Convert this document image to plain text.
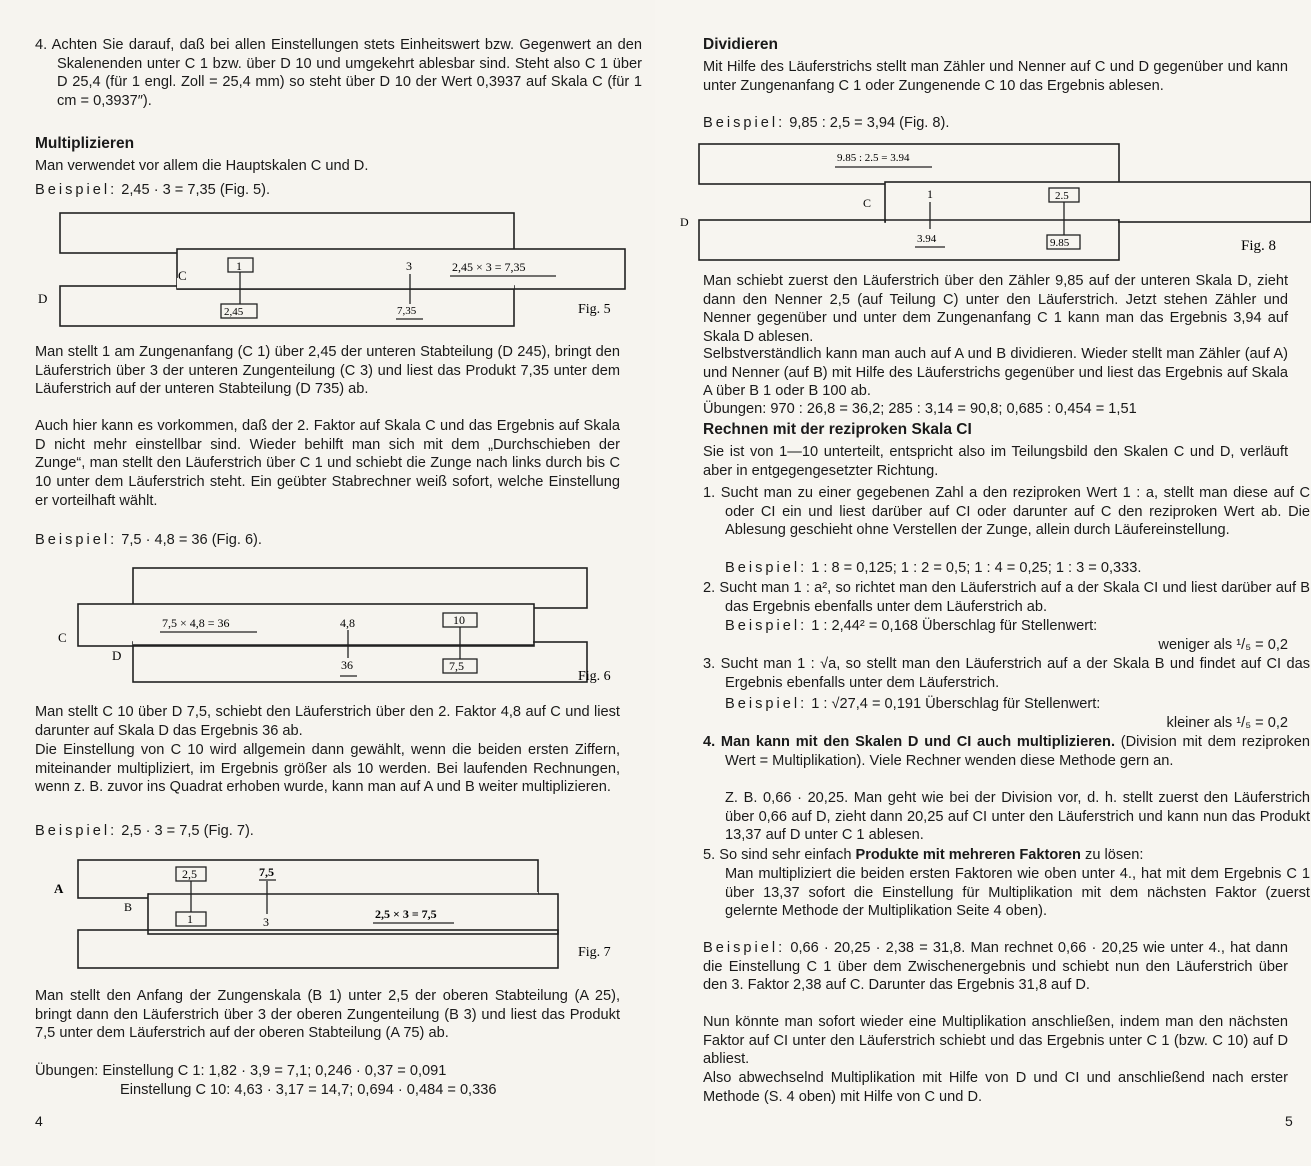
4. Achten Sie darauf, daß bei allen Einstellungen stets Einheitswert bzw. Gegenwert an den Skalenenden unter C 1 bzw. über D 10 und umgekehrt ablesbar sind. Steht also C 1 über D 25,4 (für 1 engl. Zoll = 25,4 mm) so steht über D 10 der Wert 0,3937 auf Skala C (für 1 cm = 0,3937″).
Multiplizieren
Man verwendet vor allem die Hauptskalen C und D.
Beispiel: 2,45 · 3 = 7,35 (Fig. 5).
C
D
1	3	2,45 × 3 = 7,35
2,45	7,35	Fig. 5
Man stellt 1 am Zungenanfang (C 1) über 2,45 der unteren Stabteilung (D 245), bringt den Läuferstrich über 3 der unteren Zungenteilung (C 3) und liest das Produkt 7,35 unter dem Läuferstrich auf der unteren Stabteilung (D 735) ab.
Auch hier kann es vorkommen, daß der 2. Faktor auf Skala C und das Ergebnis auf Skala D nicht mehr einstellbar sind. Wieder behilft man sich mit dem „Durchschieben der Zunge“, man stellt den Läuferstrich über C 1 und schiebt die Zunge nach links durch bis C 10 unter dem Läuferstrich steht. Ein geübter Stabrechner weiß sofort, welche Einstellung er vorteilhaft wählt.
Beispiel: 7,5 · 4,8 = 36 (Fig. 6).
C
D
7,5 × 4,8 = 36	4,8
36
10
7,5
Fig. 6
Man stellt C 10 über D 7,5, schiebt den Läuferstrich über den 2. Faktor 4,8 auf C und liest darunter auf Skala D das Ergebnis 36 ab.
Die Einstellung von C 10 wird allgemein dann gewählt, wenn die beiden ersten Ziffern, miteinander multipliziert, im Ergebnis größer als 10 werden. Bei laufenden Rechnungen, wenn z. B. zuvor ins Quadrat erhoben wurde, kann man auf A und B weiter multiplizieren.
Beispiel: 2,5 · 3 = 7,5 (Fig. 7).
A
B
2,5
1
7,5
3
2,5 × 3 = 7,5
Fig. 7
Man stellt den Anfang der Zungenskala (B 1) unter 2,5 der oberen Stabteilung (A 25), bringt dann den Läuferstrich über 3 der oberen Zungenteilung (B 3) und liest das Produkt 7,5 unter dem Läuferstrich auf der oberen Stabteilung (A 75) ab.
Übungen: Einstellung C 1: 1,82 · 3,9 = 7,1; 0,246 · 0,37 = 0,091
Einstellung C 10: 4,63 · 3,17 = 14,7; 0,694 · 0,484 = 0,336
4
Dividieren
Mit Hilfe des Läuferstrichs stellt man Zähler und Nenner auf C und D gegenüber und kann unter Zungenanfang C 1 oder Zungenende C 10 das Ergebnis ablesen.
Beispiel: 9,85 : 2,5 = 3,94 (Fig. 8).
9.85 : 2.5 = 3.94
C
D
1
3.94
2.5
9.85	Fig. 8
Man schiebt zuerst den Läuferstrich über den Zähler 9,85 auf der unteren Skala D, zieht dann den Nenner 2,5 (auf Teilung C) unter den Läuferstrich. Jetzt stehen Zähler und Nenner gegenüber und unter dem Zungenanfang C 1 kann man das Ergebnis 3,94 auf Skala D ablesen.
Selbstverständlich kann man auch auf A und B dividieren. Wieder stellt man Zähler (auf A) und Nenner (auf B) mit Hilfe des Läuferstrichs gegenüber und liest das Ergebnis auf Skala A über B 1 oder B 100 ab.
Übungen: 970 : 26,8 = 36,2; 285 : 3,14 = 90,8; 0,685 : 0,454 = 1,51
Rechnen mit der reziproken Skala CI
Sie ist von 1—10 unterteilt, entspricht also im Teilungsbild den Skalen C und D, verläuft aber in entgegengesetzter Richtung.
1. Sucht man zu einer gegebenen Zahl a den reziproken Wert 1 : a, stellt man diese auf C oder CI ein und liest darüber auf CI oder darunter auf C den reziproken Wert ab. Die Ablesung geschieht ohne Verstellen der Zunge, allein durch Läufereinstellung.
Beispiel: 1 : 8 = 0,125; 1 : 2 = 0,5; 1 : 4 = 0,25; 1 : 3 = 0,333.
2. Sucht man 1 : a², so richtet man den Läuferstrich auf a der Skala CI und liest darüber auf B das Ergebnis ebenfalls unter dem Läuferstrich ab.
Beispiel: 1 : 2,44² = 0,168 Überschlag für Stellenwert:
weniger als ¹/₅ = 0,2
3. Sucht man 1 : √a, so stellt man den Läuferstrich auf a der Skala B und findet auf CI das Ergebnis ebenfalls unter dem Läuferstrich.
Beispiel: 1 : √27,4 = 0,191 Überschlag für Stellenwert:
kleiner als ¹/₅ = 0,2
4. Man kann mit den Skalen D und CI auch multiplizieren. (Division mit dem reziproken Wert = Multiplikation). Viele Rechner wenden diese Methode gern an.
Z. B. 0,66 · 20,25. Man geht wie bei der Division vor, d. h. stellt zuerst den Läuferstrich über 0,66 auf D, zieht dann 20,25 auf CI unter den Läuferstrich und kann nun das Produkt 13,37 auf D unter C 1 ablesen.
5. So sind sehr einfach Produkte mit mehreren Faktoren zu lösen:
Man multipliziert die beiden ersten Faktoren wie oben unter 4., hat mit dem Ergebnis C 1 über 13,37 sofort die Einstellung für Multiplikation mit dem nächsten Faktor (zuerst gelernte Methode der Multiplikation Seite 4 oben).
Beispiel: 0,66 · 20,25 · 2,38 = 31,8. Man rechnet 0,66 · 20,25 wie unter 4., hat dann die Einstellung C 1 über dem Zwischenergebnis und schiebt nun den Läuferstrich über den 3. Faktor 2,38 auf C. Darunter das Ergebnis 31,8 auf D.
Nun könnte man sofort wieder eine Multiplikation anschließen, indem man den nächsten Faktor auf CI unter den Läuferstrich schiebt und das Ergebnis unter C 1 (bzw. C 10) auf D abliest.
Also abwechselnd Multiplikation mit Hilfe von D und CI und anschließend nach erster Methode (S. 4 oben) mit Hilfe von C und D.
5
